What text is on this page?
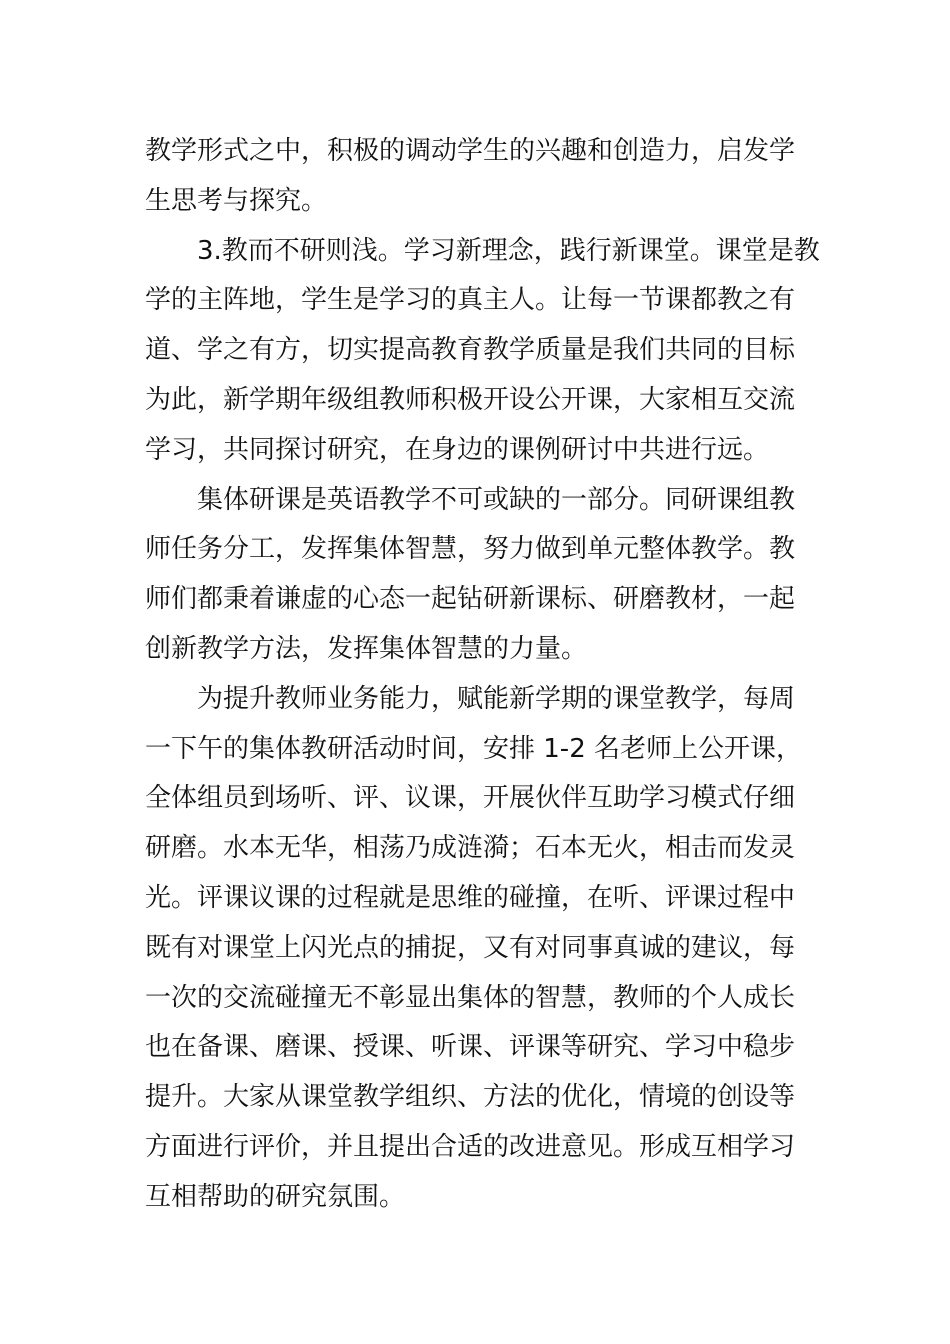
教学形式之中，积极的调动学生的兴趣和创造力，启发学
生思考与探究。
3.教而不研则浅。学习新理念，践行新课堂。课堂是教
学的主阵地，学生是学习的真主人。让每一节课都教之有
道、学之有方，切实提高教育教学质量是我们共同的目标
为此，新学期年级组教师积极开设公开课，大家相互交流
学习，共同探讨研究，在身边的课例研讨中共进行远。
集体研课是英语教学不可或缺的一部分。同研课组教
师任务分工，发挥集体智慧，努力做到单元整体教学。教
师们都秉着谦虚的心态一起钻研新课标、研磨教材，一起
创新教学方法，发挥集体智慧的力量。
为提升教师业务能力，赋能新学期的课堂教学，每周
一下午的集体教研活动时间，安排 1-2 名老师上公开课，
全体组员到场听、评、议课，开展伙伴互助学习模式仔细
研磨。水本无华，相荡乃成涟漪；石本无火，相击而发灵
光。评课议课的过程就是思维的碰撞，在听、评课过程中
既有对课堂上闪光点的捕捉，又有对同事真诚的建议，每
一次的交流碰撞无不彰显出集体的智慧，教师的个人成长
也在备课、磨课、授课、听课、评课等研究、学习中稳步
提升。大家从课堂教学组织、方法的优化，情境的创设等
方面进行评价，并且提出合适的改进意见。形成互相学习
互相帮助的研究氛围。
